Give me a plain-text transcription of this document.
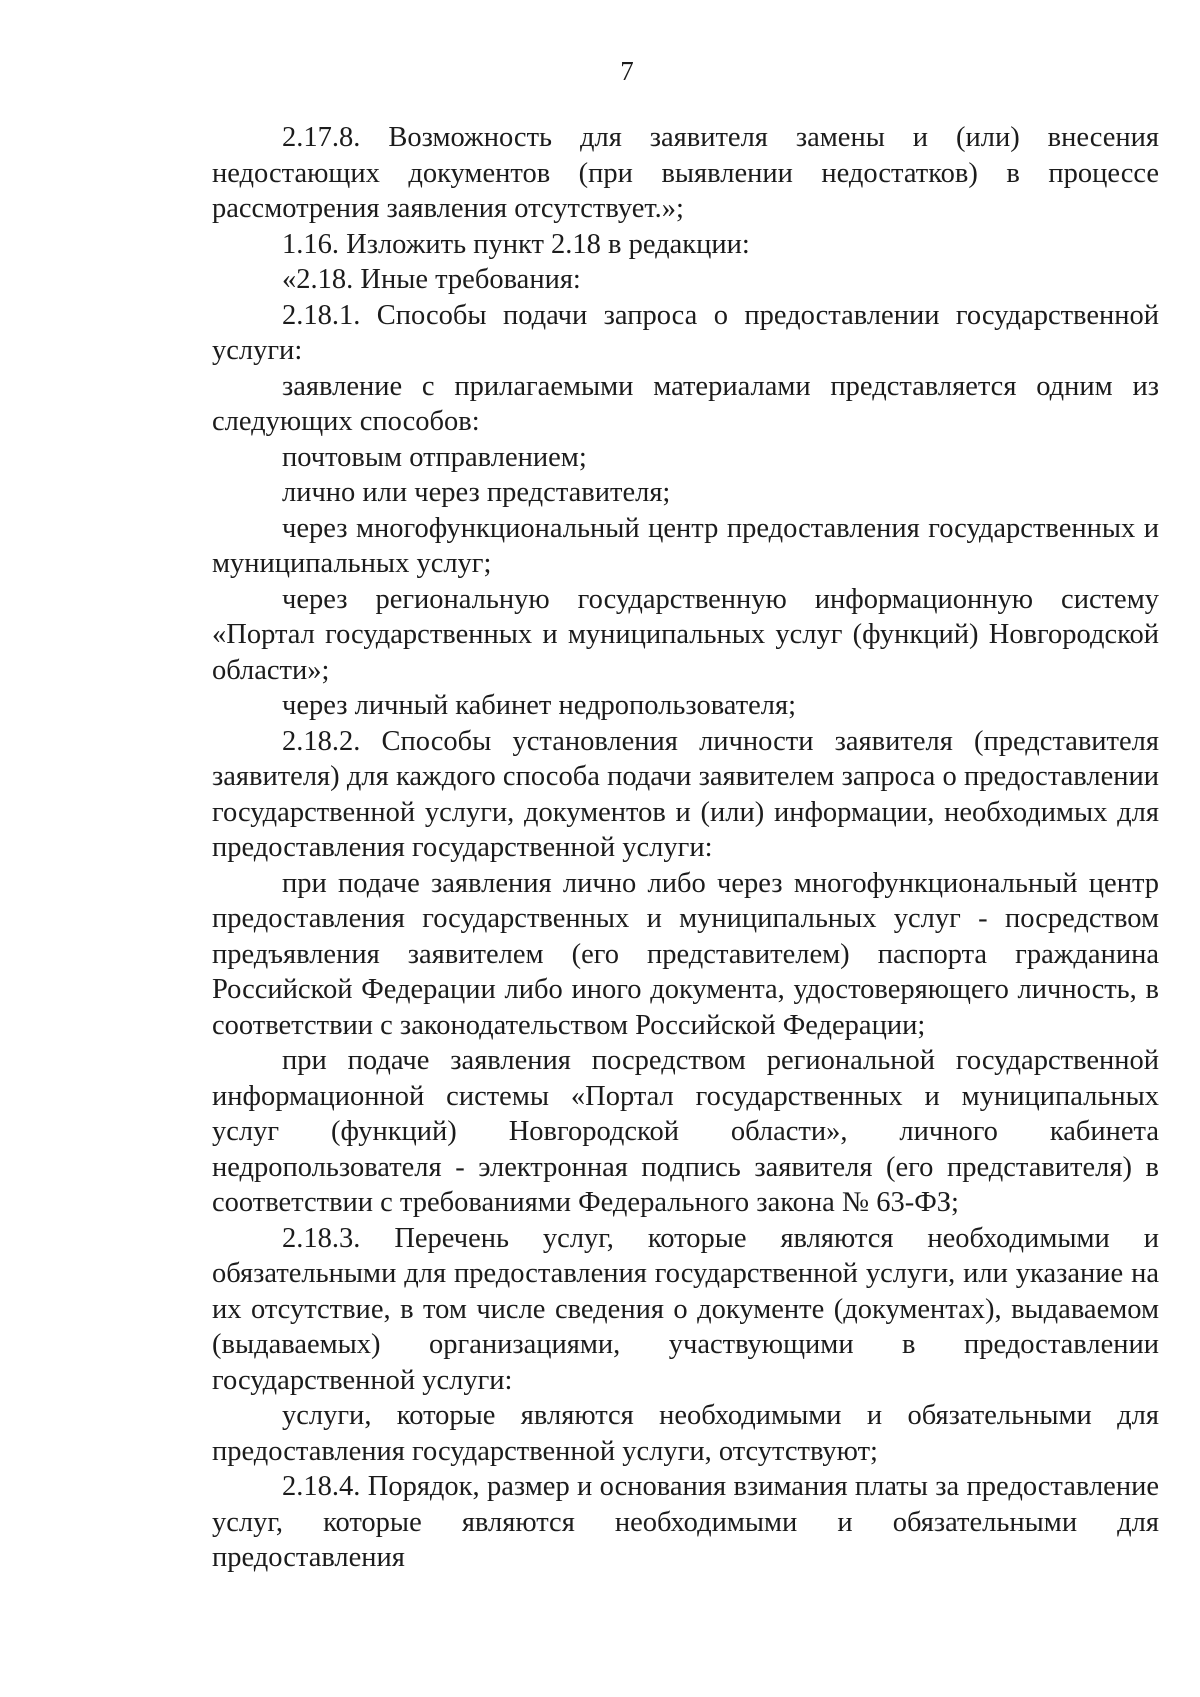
7

2.17.8. Возможность для заявителя замены и (или) внесения недостающих документов (при выявлении недостатков) в процессе рассмотрения заявления отсутствует.»;

1.16. Изложить пункт 2.18 в редакции:

«2.18. Иные требования:

2.18.1. Способы подачи запроса о предоставлении государственной услуги:

заявление с прилагаемыми материалами представляется одним из следующих способов:

почтовым отправлением;

лично или через представителя;

через многофункциональный центр предоставления государственных и муниципальных услуг;

через региональную государственную информационную систему «Портал государственных и муниципальных услуг (функций) Новгородской области»;

через личный кабинет недропользователя;

2.18.2. Способы установления личности заявителя (представителя заявителя) для каждого способа подачи заявителем запроса о предоставлении государственной услуги, документов и (или) информации, необходимых для предоставления государственной услуги:

при подаче заявления лично либо через многофункциональный центр предоставления государственных и муниципальных услуг - посредством предъявления заявителем (его представителем) паспорта гражданина Российской Федерации либо иного документа, удостоверяющего личность, в соответствии с законодательством Российской Федерации;

при подаче заявления посредством региональной государственной информационной системы «Портал государственных и муниципальных услуг (функций) Новгородской области», личного кабинета недропользователя - электронная подпись заявителя (его представителя) в соответствии с требованиями Федерального закона № 63-ФЗ;

2.18.3. Перечень услуг, которые являются необходимыми и обязательными для предоставления государственной услуги, или указание на их отсутствие, в том числе сведения о документе (документах), выдаваемом (выдаваемых) организациями, участвующими в предоставлении государственной услуги:

услуги, которые являются необходимыми и обязательными для предоставления государственной услуги, отсутствуют;

2.18.4. Порядок, размер и основания взимания платы за предоставление услуг, которые являются необходимыми и обязательными для предоставления
